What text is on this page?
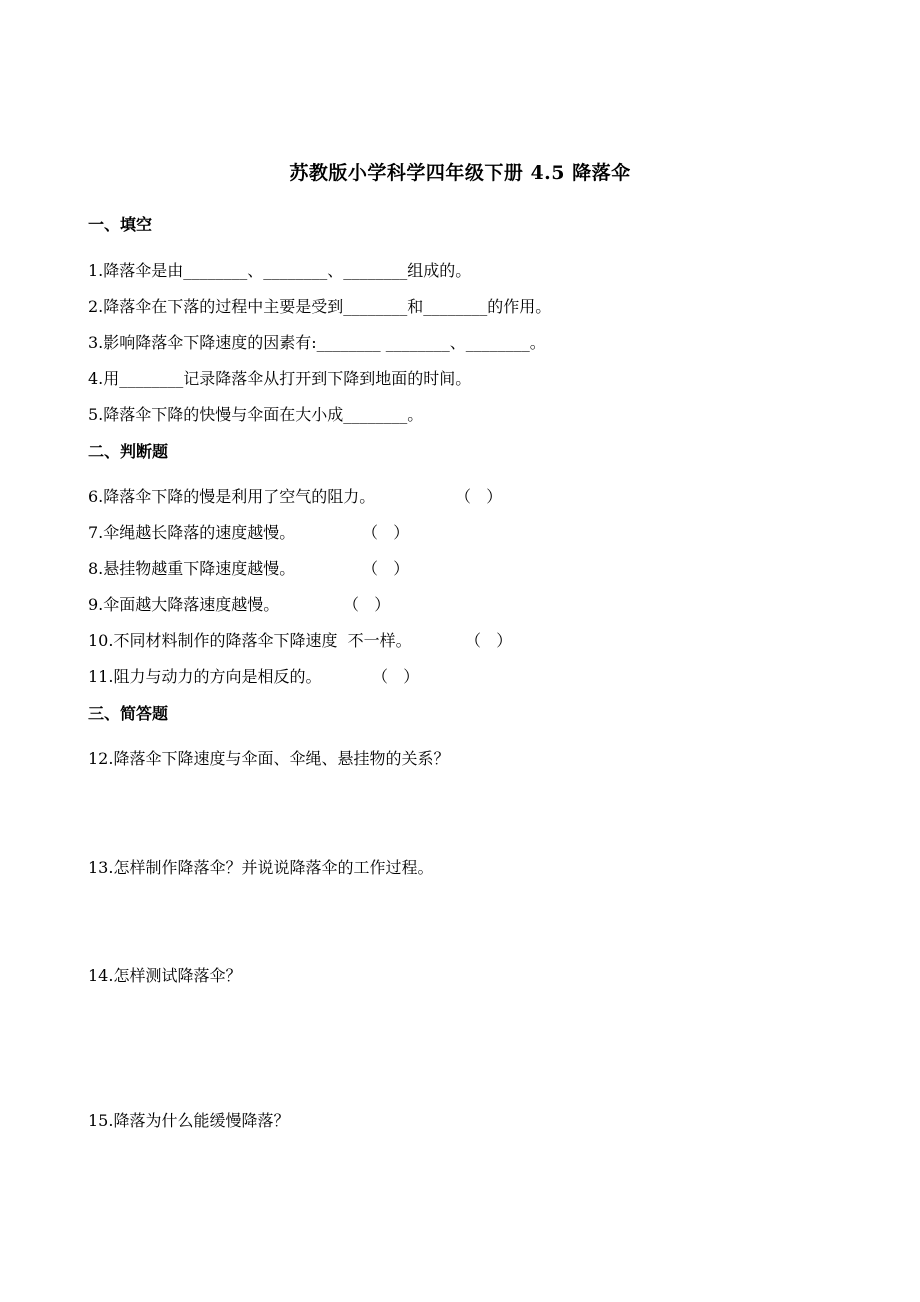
苏教版小学科学四年级下册 4.5 降落伞
一、填空
1.降落伞是由________、________、________组成的。
2.降落伞在下落的过程中主要是受到________和________的作用。
3.影响降落伞下降速度的因素有:________ ________、________。
4.用________记录降落伞从打开到下降到地面的时间。
5.降落伞下降的快慢与伞面在大小成________。
二、判断题
6.降落伞下降的慢是利用了空气的阻力。	（   ）
7.伞绳越长降落的速度越慢。	（   ）
8.悬挂物越重下降速度越慢。	（   ）
9.伞面越大降落速度越慢。	（   ）
10.不同材料制作的降落伞下降速度  不一样。	（   ）
11.阻力与动力的方向是相反的。	（   ）
三、简答题
12.降落伞下降速度与伞面、伞绳、悬挂物的关系？
13.怎样制作降落伞？并说说降落伞的工作过程。
14.怎样测试降落伞？
15.降落为什么能缓慢降落？
